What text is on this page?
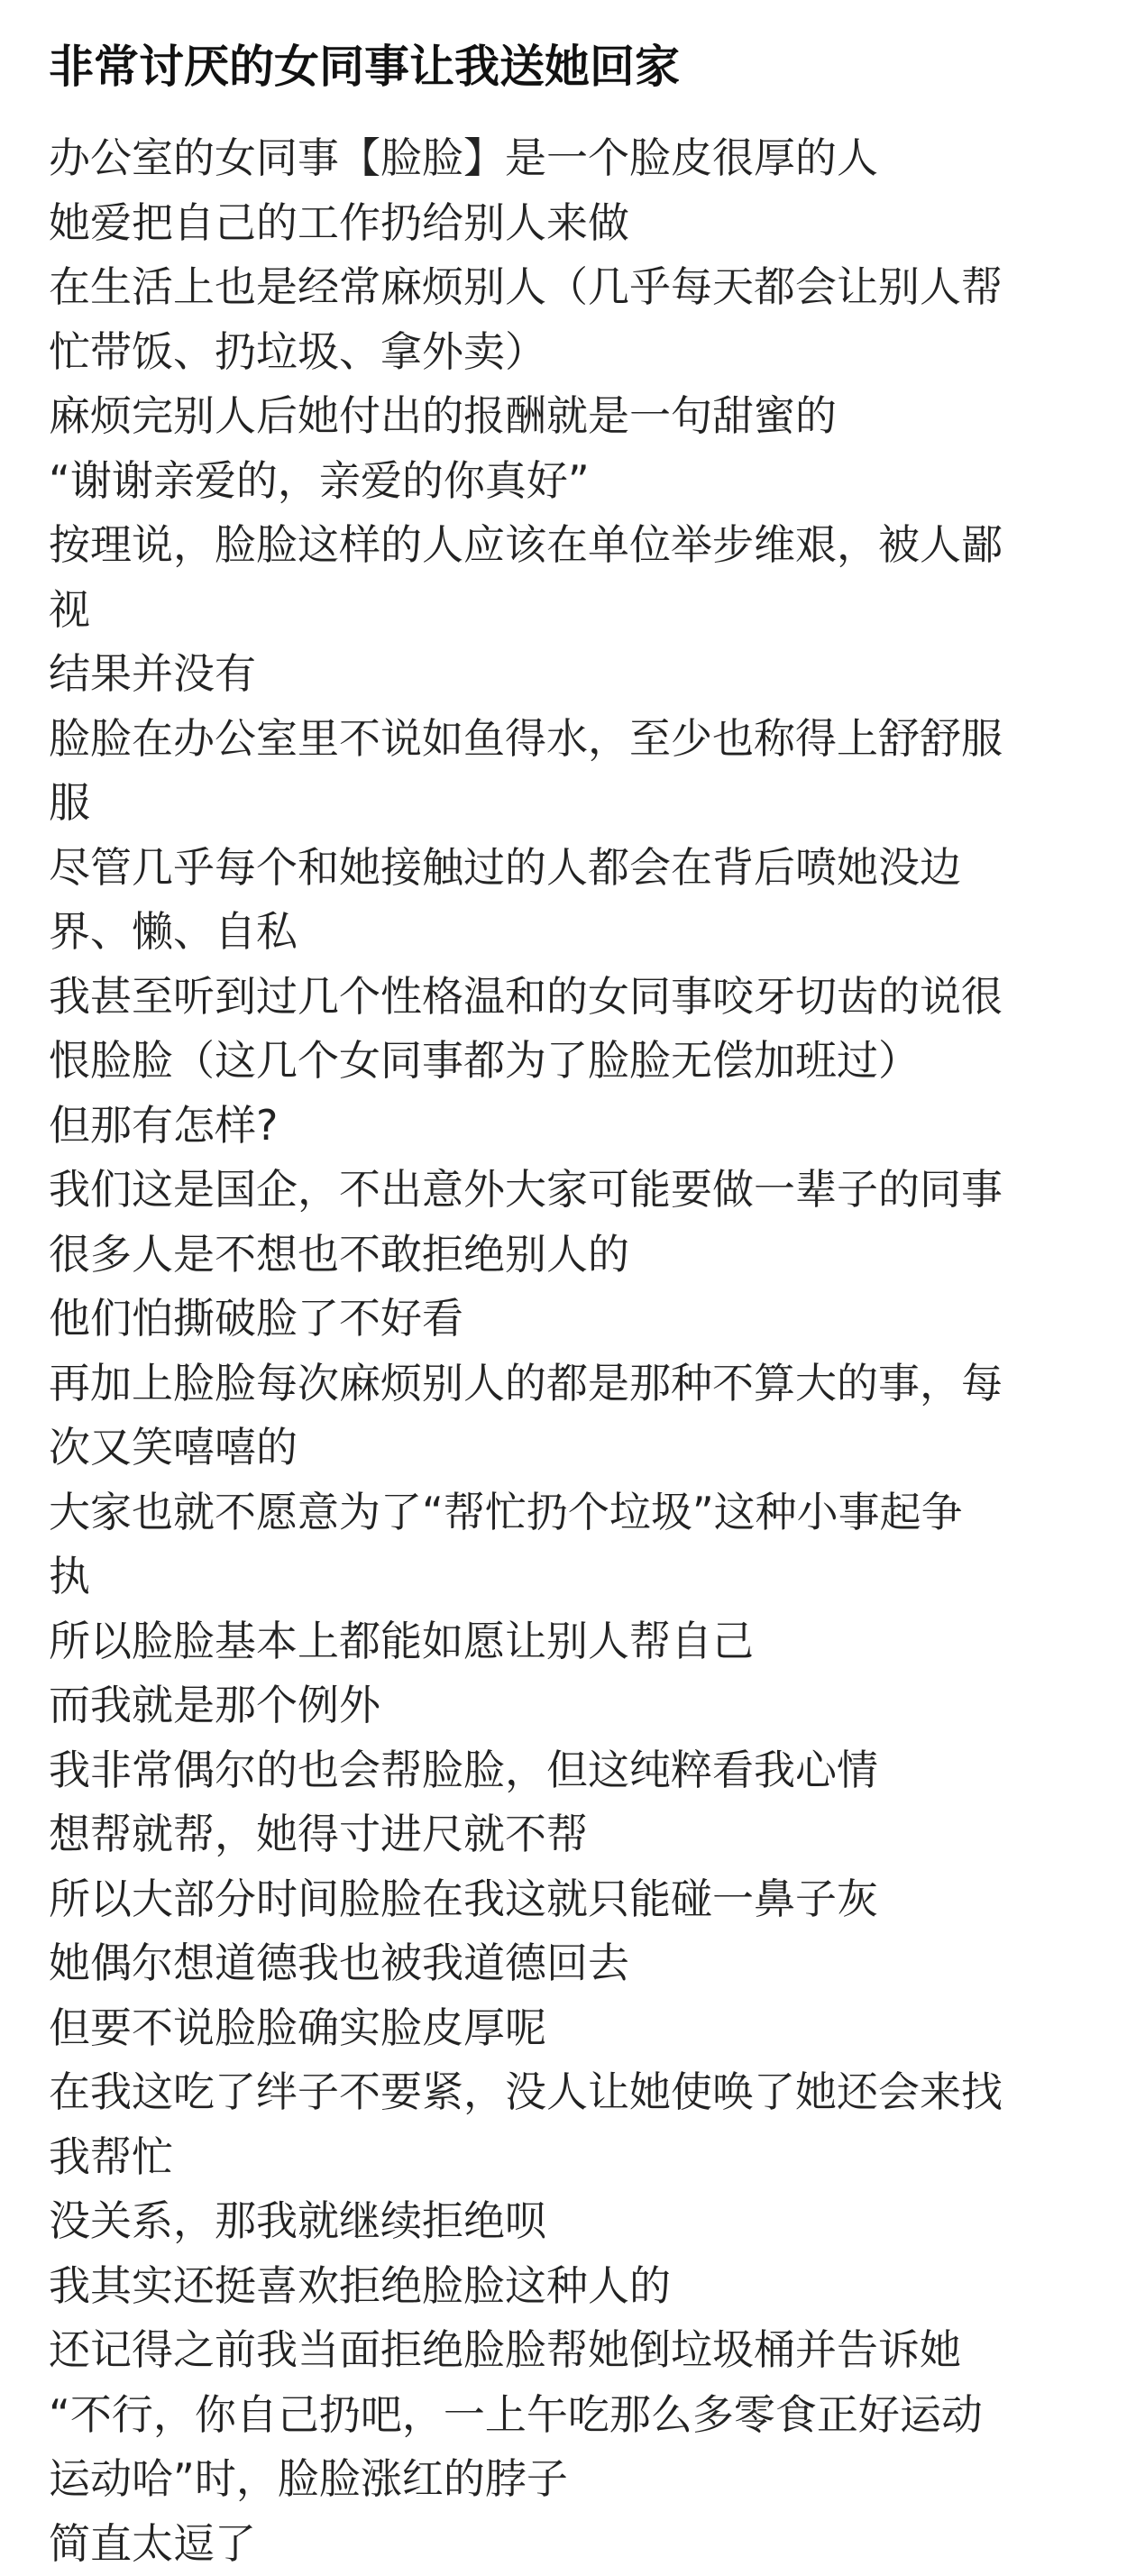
非常讨厌的女同事让我送她回家
办公室的女同事【脸脸】是一个脸皮很厚的人
她爱把自己的工作扔给别人来做
在生活上也是经常麻烦别人（几乎每天都会让别人帮
忙带饭、扔垃圾、拿外卖）
麻烦完别人后她付出的报酬就是一句甜蜜的
“谢谢亲爱的，亲爱的你真好”
按理说，脸脸这样的人应该在单位举步维艰，被人鄙
视
结果并没有
脸脸在办公室里不说如鱼得水，至少也称得上舒舒服
服
尽管几乎每个和她接触过的人都会在背后喷她没边
界、懒、自私
我甚至听到过几个性格温和的女同事咬牙切齿的说很
恨脸脸（这几个女同事都为了脸脸无偿加班过）
但那有怎样?
我们这是国企，不出意外大家可能要做一辈子的同事
很多人是不想也不敢拒绝别人的
他们怕撕破脸了不好看
再加上脸脸每次麻烦别人的都是那种不算大的事，每
次又笑嘻嘻的
大家也就不愿意为了“帮忙扔个垃圾”这种小事起争
执
所以脸脸基本上都能如愿让别人帮自己
而我就是那个例外
我非常偶尔的也会帮脸脸，但这纯粹看我心情
想帮就帮，她得寸进尺就不帮
所以大部分时间脸脸在我这就只能碰一鼻子灰
她偶尔想道德我也被我道德回去
但要不说脸脸确实脸皮厚呢
在我这吃了绊子不要紧，没人让她使唤了她还会来找
我帮忙
没关系，那我就继续拒绝呗
我其实还挺喜欢拒绝脸脸这种人的
还记得之前我当面拒绝脸脸帮她倒垃圾桶并告诉她
“不行，你自己扔吧，一上午吃那么多零食正好运动
运动哈”时，脸脸涨红的脖子
简直太逗了
